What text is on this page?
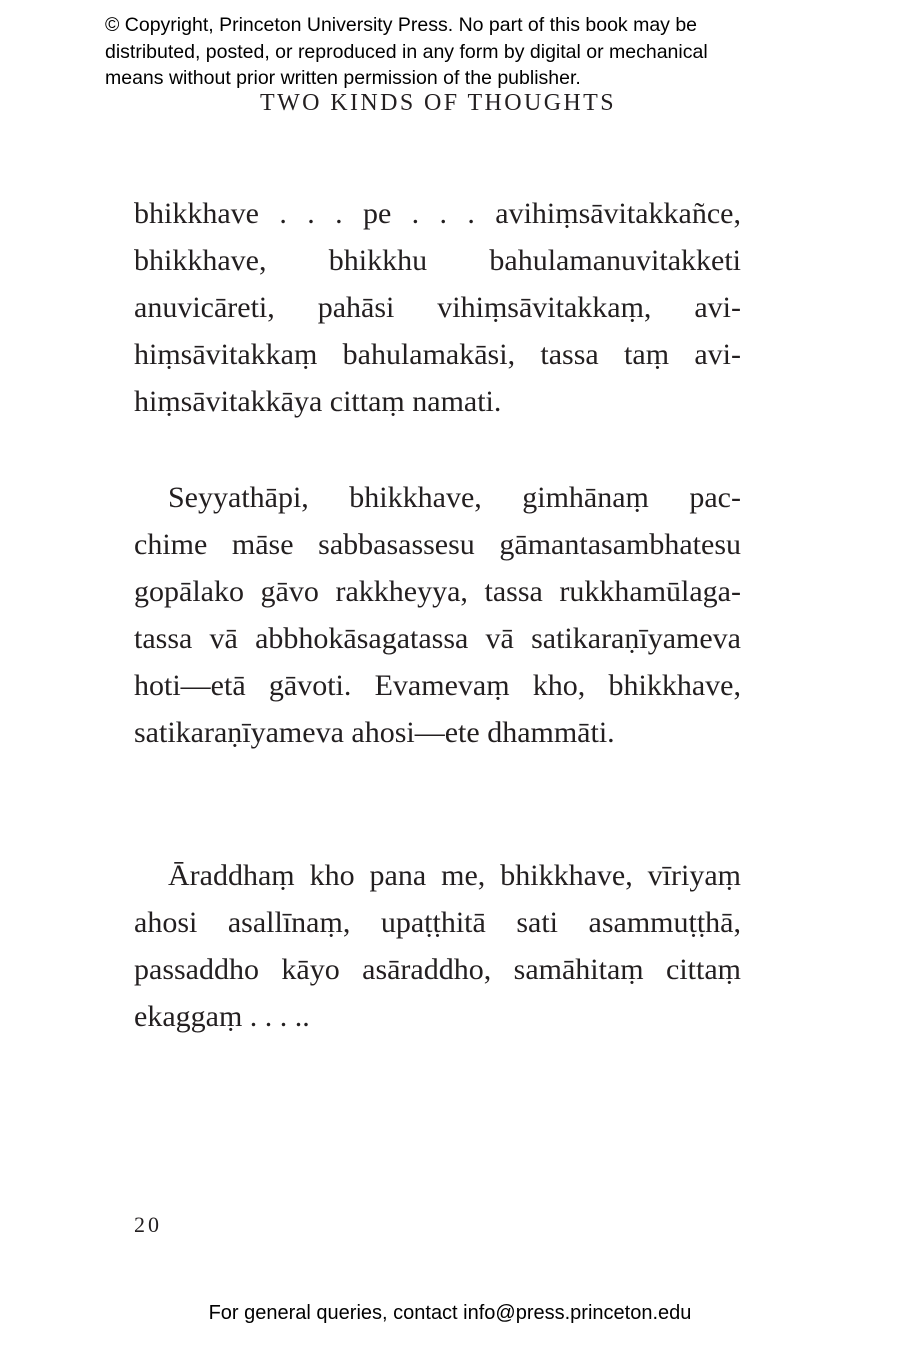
© Copyright, Princeton University Press. No part of this book may be
distributed, posted, or reproduced in any form by digital or mechanical
means without prior written permission of the publisher.
TWO KINDS OF THOUGHTS
bhikkhave . . . pe . . . avihiṃsāvitakkañce,
bhikkhave, bhikkhu bahulamanuvitakketi
anuvicāreti, pahāsi vihiṃsāvitakkaṃ, avi-
hiṃsāvitakkaṃ bahulamakāsi, tassa taṃ avi-
hiṃsāvitakkāya cittaṃ namati.
Seyyathāpi, bhikkhave, gimhānaṃ pac-
chime māse sabbasassesu gāmantasambhatesu
gopālako gāvo rakkheyya, tassa rukkhamūlaga-
tassa vā abbhokāsagatassa vā satikaraṇīyameva
hoti—etā gāvoti. Evamevaṃ kho, bhikkhave,
satikaraṇīyameva ahosi—ete dhammāti.
Āraddhaṃ kho pana me, bhikkhave, vīriyaṃ
ahosi asallīnaṃ, upaṭṭhitā sati asammuṭṭhā,
passaddho kāyo asāraddho, samāhitaṃ cittaṃ
ekaggaṃ . . . ..
20
For general queries, contact info@press.princeton.edu
